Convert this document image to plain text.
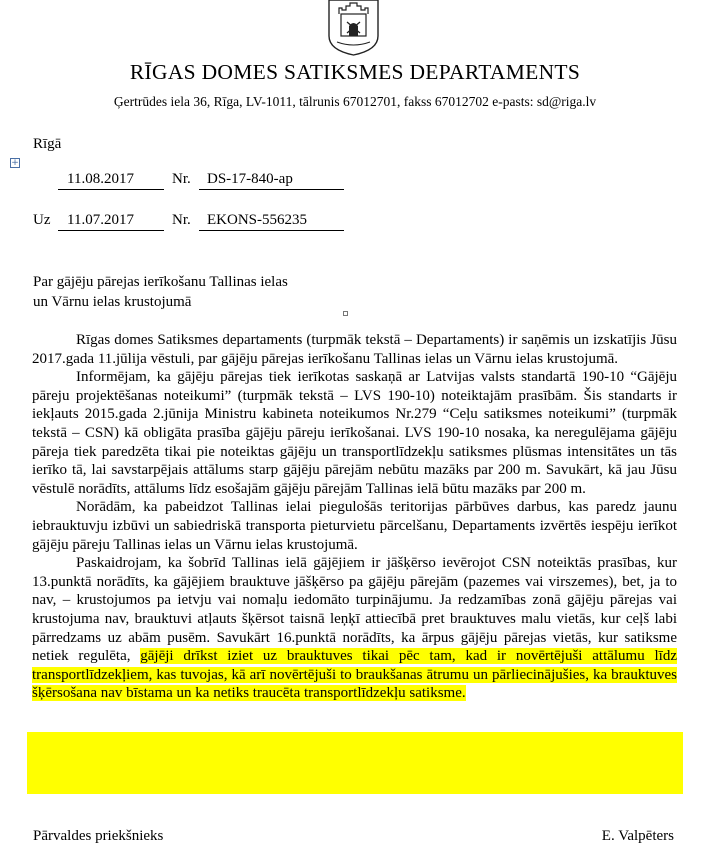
RĪGAS DOMES SATIKSMES DEPARTAMENTS
Ģertrūdes iela 36, Rīga, LV-1011, tālrunis 67012701, fakss 67012702 e-pasts: sd@riga.lv
Rīgā
+
11.08.2017	Nr. DS-17-840-ap
Uz 11.07.2017	Nr. EKONS-556235
Par gājēju pārejas ierīkošanu Tallinas ielas
un Vārnu ielas krustojumā

Rīgas domes Satiksmes departaments (turpmāk tekstā – Departaments) ir saņēmis un izskatījis Jūsu 2017.gada 11.jūlija vēstuli, par gājēju pārejas ierīkošanu Tallinas ielas un Vārnu ielas krustojumā.

Informējam, ka gājēju pārejas tiek ierīkotas saskaņā ar Latvijas valsts standartā 190-10 “Gājēju pāreju projektēšanas noteikumi” (turpmāk tekstā – LVS 190-10) noteiktajām prasībām. Šis standarts ir iekļauts 2015.gada 2.jūnija Ministru kabineta noteikumos Nr.279 “Ceļu satiksmes noteikumi” (turpmāk tekstā – CSN) kā obligāta prasība gājēju pāreju ierīkošanai. LVS 190-10 nosaka, ka neregulējama gājēju pāreja tiek paredzēta tikai pie noteiktas gājēju un transportlīdzekļu satiksmes plūsmas intensitātes un tās ierīko tā, lai savstarpējais attālums starp gājēju pārejām nebūtu mazāks par 200 m. Savukārt, kā jau Jūsu vēstulē norādīts, attālums līdz esošajām gājēju pārejām Tallinas ielā būtu mazāks par 200 m.

Norādām, ka pabeidzot Tallinas ielai piegulošās teritorijas pārbūves darbus, kas paredz jaunu iebrauktuvju izbūvi un sabiedriskā transporta pieturvietu pārcelšanu, Departaments izvērtēs iespēju ierīkot gājēju pāreju Tallinas ielas un Vārnu ielas krustojumā.

Paskaidrojam, ka šobrīd Tallinas ielā gājējiem ir jāšķērso ievērojot CSN noteiktās prasības, kur 13.punktā norādīts, ka gājējiem brauktuve jāšķērso pa gājēju pārejām (pazemes vai virszemes), bet, ja to nav, – krustojumos pa ietvju vai nomaļu iedomāto turpinājumu. Ja redzamības zonā gājēju pārejas vai krustojuma nav, brauktuvi atļauts šķērsot taisnā leņķī attiecībā pret brauktuves malu vietās, kur ceļš labi pārredzams uz abām pusēm. Savukārt 16.punktā norādīts, ka ārpus gājēju pārejas vietās, kur satiksme netiek regulēta, gājēji drīkst iziet uz brauktuves tikai pēc tam, kad ir novērtējuši attālumu līdz transportlīdzekļiem, kas tuvojas, kā arī novērtējuši to braukšanas ātrumu un pārliecinājušies, ka brauktuves šķērsošana nav bīstama un ka netiks traucēta transportlīdzekļu satiksme.

Pārvaldes priekšnieks	E. Valpēters
